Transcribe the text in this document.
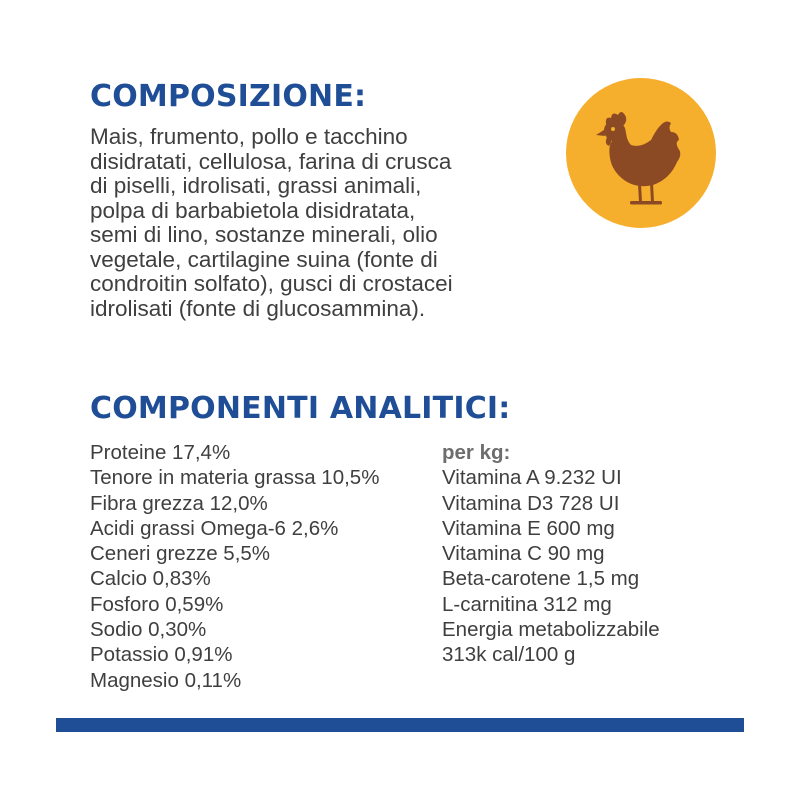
COMPOSIZIONE:
Mais, frumento, pollo e tacchino
disidratati, cellulosa, farina di crusca
di piselli, idrolisati, grassi animali,
polpa di barbabietola disidratata,
semi di lino, sostanze minerali, olio
vegetale, cartilagine suina (fonte di
condroitin solfato), gusci di crostacei
idrolisati (fonte di glucosammina).
COMPONENTI ANALITICI:
Proteine 17,4%
Tenore in materia grassa 10,5%
Fibra grezza 12,0%
Acidi grassi Omega-6 2,6%
Ceneri grezze 5,5%
Calcio 0,83%
Fosforo 0,59%
Sodio 0,30%
Potassio 0,91%
Magnesio 0,11%
per kg:
Vitamina A 9.232 UI
Vitamina D3 728 UI
Vitamina E 600 mg
Vitamina C 90 mg
Beta-carotene 1,5 mg
L-carnitina 312 mg
Energia metabolizzabile
313k cal/100 g
